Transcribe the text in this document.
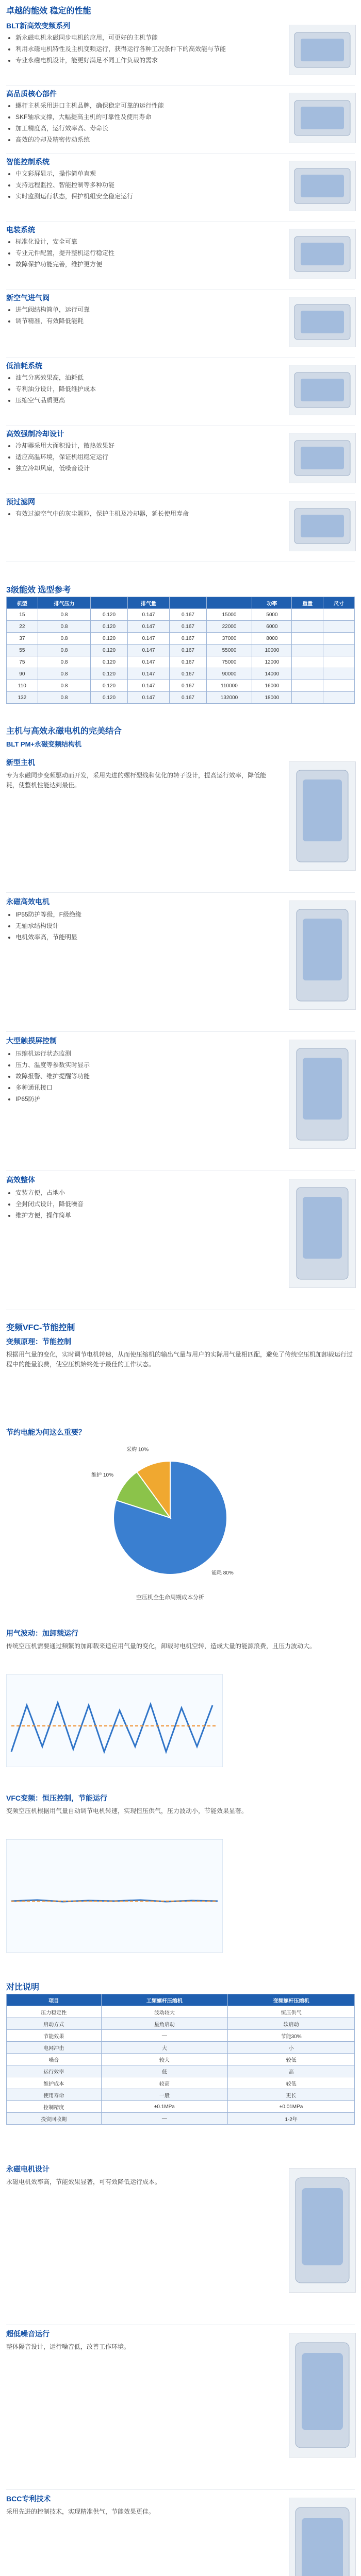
卓越的能效 稳定的性能
BLT新高效变频系列
• 新永磁电机永磁同步电机的应用，可更好的主机节能
• 利用永磁电机特性及主机变频运行，获得运行各种工况条件下的高效能与节能
• 专业永磁电机设计，能更好满足不同工作负载的需求
高品质核心部件
• 螺杆主机采用进口主机品牌，确保稳定可靠的运行性能
• SKF轴承支撑，大幅提高主机的可靠性及使用寿命
• 加工精度高，运行效率高、寿命长
• 高效的冷却及精密传动系统
智能控制系统
• 中文彩屏显示，操作简单直观
• 支持远程监控、智能控制等多种功能
• 实时监测运行状态，保护机组安全稳定运行
电装系统
• 标准化设计，安全可靠
• 专业元件配置，提升整机运行稳定性
• 故障保护功能完善，维护更方便
新空气进气阀
• 进气阀结构简单，运行可靠
• 调节精准，有效降低能耗
低油耗系统
• 油气分离效果高，油耗低
• 专利油分设计，降低维护成本
• 压缩空气品质更高
高效强制冷却设计
• 冷却器采用大面积设计，散热效果好
• 适应高温环境，保证机组稳定运行
• 独立冷却风扇，低噪音设计
预过滤网
• 有效过滤空气中的灰尘颗粒，保护主机及冷却器，延长使用寿命
3级能效 选型参考
机型	排气压力		排气量			功率	重量	尺寸
15	0.8	0.120	0.147	0.167	15000	5000		
22	0.8	0.120	0.147	0.167	22000	6000		
37	0.8	0.120	0.147	0.167	37000	8000		
55	0.8	0.120	0.147	0.167	55000	10000		
75	0.8	0.120	0.147	0.167	75000	12000		
90	0.8	0.120	0.147	0.167	90000	14000		
110	0.8	0.120	0.147	0.167	110000	16000		
132	0.8	0.120	0.147	0.167	132000	18000		
主机与高效永磁电机的完美结合
BLT PM+永磁变频结构机
新型主机
专为永磁同步变频驱动而开发，采用先进的螺杆型线和优化的转子设计，提高运行效率，降低能耗，使整机性能达到最佳。
永磁高效电机
• IP55防护等级，F级绝缘
• 无轴承结构设计
• 电机效率高，节能明显
大型触摸屏控制
• 压缩机运行状态监测
• 压力、温度等参数实时显示
• 故障报警、维护提醒等功能
• 多种通讯接口
• IP65防护
高效整体
• 安装方便，占地小
• 全封闭式设计，降低噪音
• 维护方便，操作简单
变频VFC-节能控制
变频原理：节能控制
根据用气量的变化，实时调节电机转速，从而使压缩机的输出气量与用户的实际用气量相匹配，避免了传统空压机加卸载运行过程中的能量浪费，使空压机始终处于最佳的工作状态。
节约电能为何这么重要？
能耗 80%
维护 10%
采购 10%
空压机全生命周期成本分析
用气波动：加卸载运行
传统空压机需要通过频繁的加卸载来适应用气量的变化，卸载时电机空转，造成大量的能源浪费，且压力波动大。
VFC变频：恒压控制，节能运行
变频空压机根据用气量自动调节电机转速，实现恒压供气，压力波动小，节能效果显著。
对比说明
项目	工频螺杆压缩机	变频螺杆压缩机
压力稳定性	波动较大	恒压供气
启动方式	星角启动	软启动
节能效果	—	节能30%
电网冲击	大	小
噪音	较大	较低
运行效率	低	高
维护成本	较高	较低
使用寿命	一般	更长
控制精度	±0.1MPa	±0.01MPa
投资回收期	—	1-2年
永磁电机设计
永磁电机效率高，节能效果显著，可有效降低运行成本。
超低噪音运行
整体隔音设计，运行噪音低，改善工作环境。
BCC专利技术
采用先进的控制技术，实现精准供气，节能效果更佳。
